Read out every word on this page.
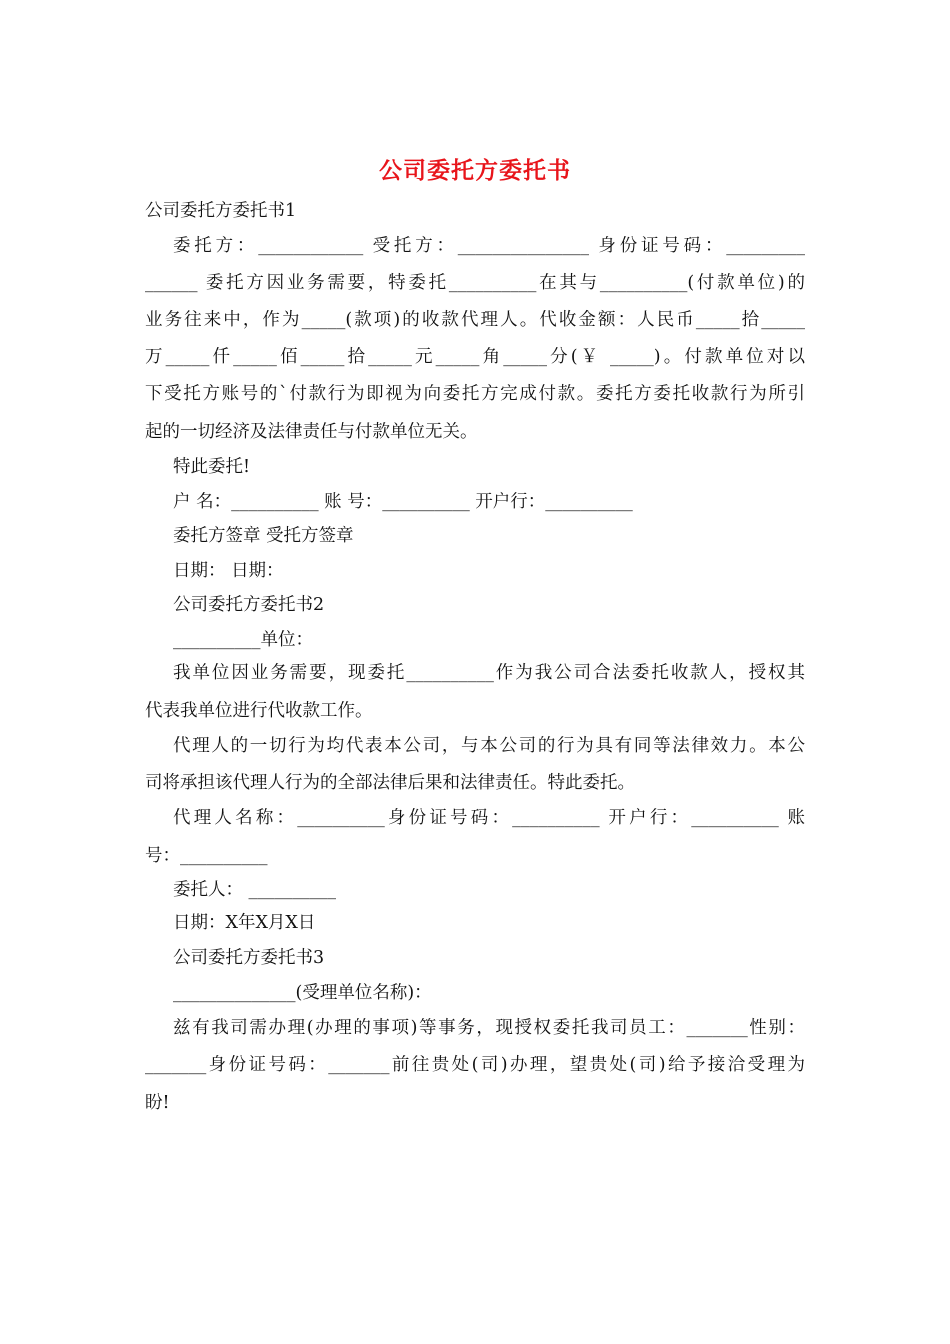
公司委托方委托书
公司委托方委托书1
委托方：____________ 受托方：_______________ 身份证号码：_________
______ 委托方因业务需要，特委托__________在其与__________(付款单位)的
业务往来中，作为_____(款项)的收款代理人。代收金额：人民币_____拾_____
万_____仟_____佰_____拾_____元_____角_____分(￥ _____)。付款单位对以
下受托方账号的`付款行为即视为向委托方完成付款。委托方委托收款行为所引
起的一切经济及法律责任与付款单位无关。
特此委托!
户 名：__________ 账 号：__________ 开户行：__________
委托方签章 受托方签章
日期： 日期：
公司委托方委托书2
__________单位：
我单位因业务需要，现委托__________作为我公司合法委托收款人，授权其
代表我单位进行代收款工作。
代理人的一切行为均代表本公司，与本公司的行为具有同等法律效力。本公
司将承担该代理人行为的全部法律后果和法律责任。特此委托。
代理人名称：__________身份证号码：__________ 开户行：__________ 账
号：__________
委托人： __________
日期：X年X月X日
公司委托方委托书3
______________(受理单位名称)：
兹有我司需办理(办理的事项)等事务，现授权委托我司员工：_______性别：
_______身份证号码：_______前往贵处(司)办理，望贵处(司)给予接洽受理为
盼!
